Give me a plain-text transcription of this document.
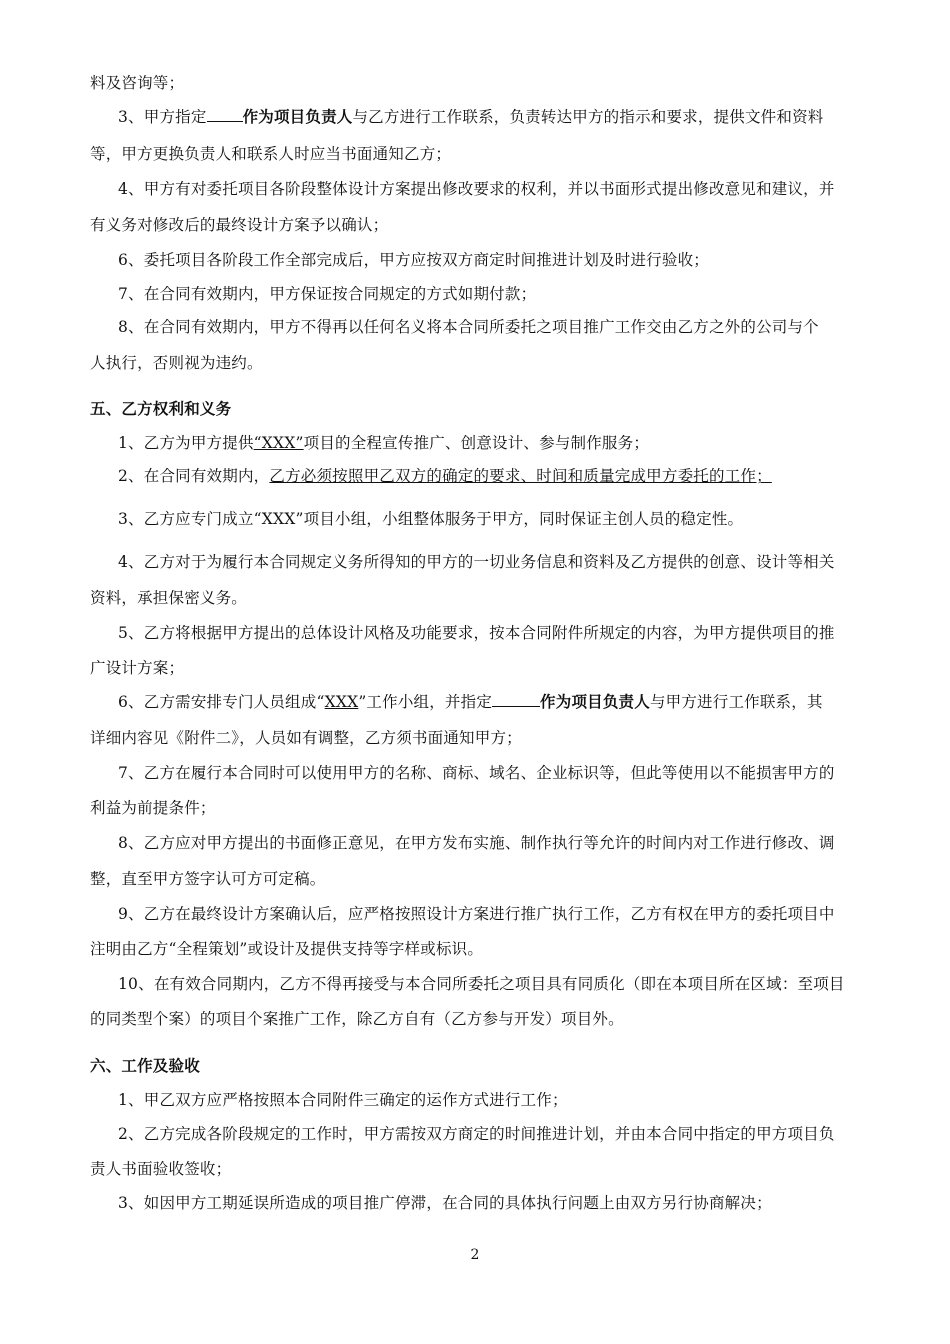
料及咨询等；
3、甲方指定 作为项目负责人与乙方进行工作联系，负责转达甲方的指示和要求，提供文件和资料
等，甲方更换负责人和联系人时应当书面通知乙方；
4、甲方有对委托项目各阶段整体设计方案提出修改要求的权利，并以书面形式提出修改意见和建议，并
有义务对修改后的最终设计方案予以确认；
6、委托项目各阶段工作全部完成后，甲方应按双方商定时间推进计划及时进行验收；
7、在合同有效期内，甲方保证按合同规定的方式如期付款；
8、在合同有效期内，甲方不得再以任何名义将本合同所委托之项目推广工作交由乙方之外的公司与个
人执行，否则视为违约。
五、乙方权利和义务
1、乙方为甲方提供“XXX”项目的全程宣传推广、创意设计、参与制作服务；
2、在合同有效期内，乙方必须按照甲乙双方的确定的要求、时间和质量完成甲方委托的工作；
3、乙方应专门成立“XXX”项目小组，小组整体服务于甲方，同时保证主创人员的稳定性。
4、乙方对于为履行本合同规定义务所得知的甲方的一切业务信息和资料及乙方提供的创意、设计等相关
资料，承担保密义务。
5、乙方将根据甲方提出的总体设计风格及功能要求，按本合同附件所规定的内容，为甲方提供项目的推
广设计方案；
6、乙方需安排专门人员组成“XXX”工作小组，并指定	作为项目负责人与甲方进行工作联系，其
详细内容见《附件二》，人员如有调整，乙方须书面通知甲方；
7、乙方在履行本合同时可以使用甲方的名称、商标、域名、企业标识等，但此等使用以不能损害甲方的
利益为前提条件；
8、乙方应对甲方提出的书面修正意见，在甲方发布实施、制作执行等允许的时间内对工作进行修改、调
整，直至甲方签字认可方可定稿。
9、乙方在最终设计方案确认后，应严格按照设计方案进行推广执行工作，乙方有权在甲方的委托项目中
注明由乙方“全程策划”或设计及提供支持等字样或标识。
10、在有效合同期内，乙方不得再接受与本合同所委托之项目具有同质化（即在本项目所在区域：至项目
的同类型个案）的项目个案推广工作，除乙方自有（乙方参与开发）项目外。
六、工作及验收
1、甲乙双方应严格按照本合同附件三确定的运作方式进行工作；
2、乙方完成各阶段规定的工作时，甲方需按双方商定的时间推进计划，并由本合同中指定的甲方项目负
责人书面验收签收；
3、如因甲方工期延误所造成的项目推广停滞，在合同的具体执行问题上由双方另行协商解决；
2
